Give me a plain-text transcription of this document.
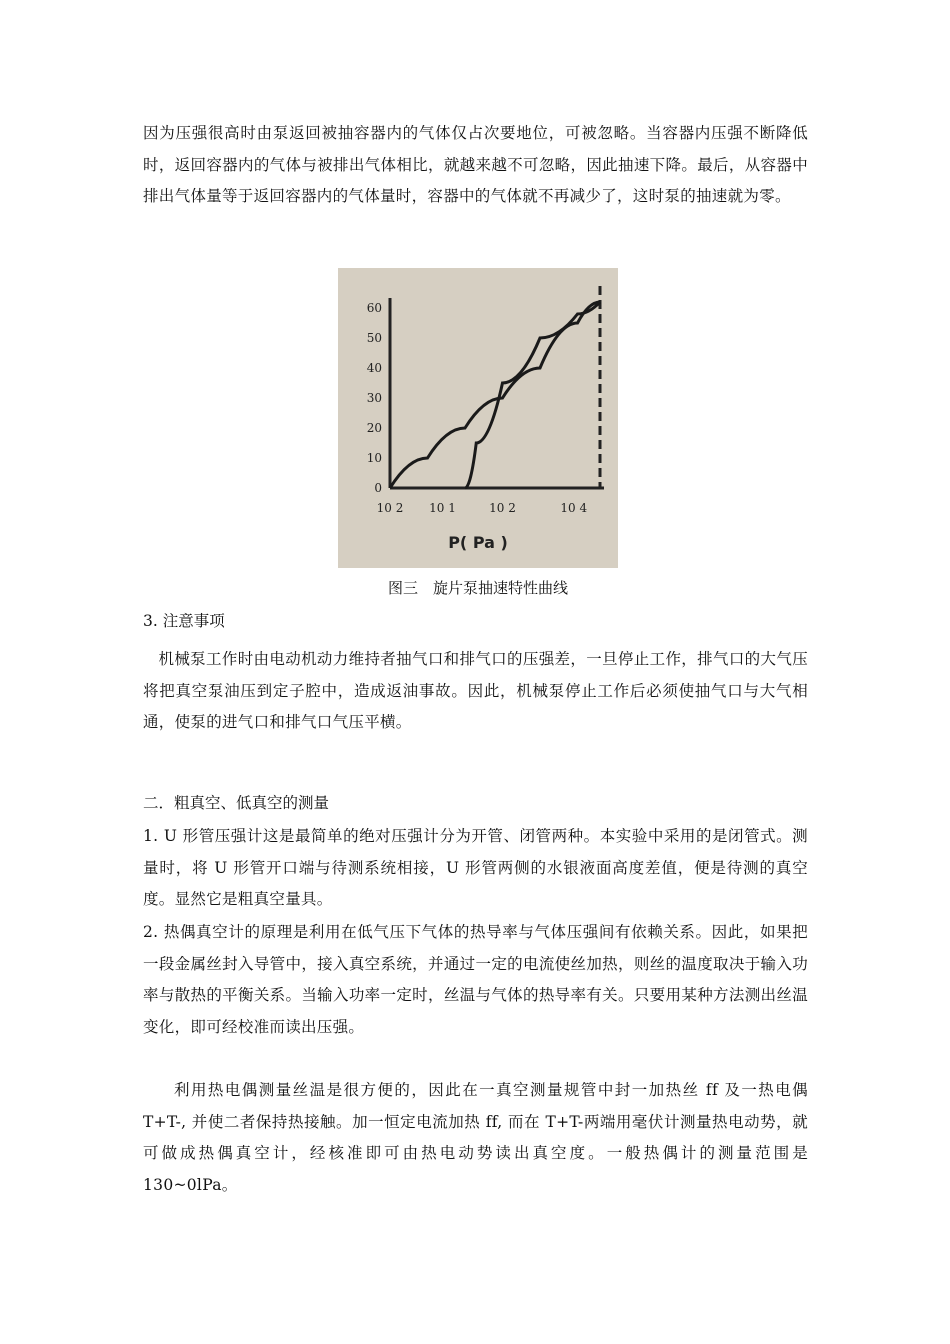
因为压强很高时由泵返回被抽容器内的气体仅占次要地位，可被忽略。当容器内压强不断降低时，返回容器内的气体与被排出气体相比，就越来越不可忽略，因此抽速下降。最后，从容器中排出气体量等于返回容器内的气体量时，容器中的气体就不再减少了，这时泵的抽速就为零。
60
50
40
30
20
10
0
10 2 10 1	10 2	10 4
P( Pa )
图三　旋片泵抽速特性曲线
3. 注意事项
机械泵工作时由电动机动力维持者抽气口和排气口的压强差，一旦停止工作，排气口的大气压将把真空泵油压到定子腔中，造成返油事故。因此，机械泵停止工作后必须使抽气口与大气相通，使泵的进气口和排气口气压平横。
二．粗真空、低真空的测量
1. U 形管压强计这是最简单的绝对压强计分为开管、闭管两种。本实验中采用的是闭管式。测量时，将 U 形管开口端与待测系统相接，U 形管两侧的水银液面高度差值，便是待测的真空度。显然它是粗真空量具。
2. 热偶真空计的原理是利用在低气压下气体的热导率与气体压强间有依赖关系。因此，如果把一段金属丝封入导管中，接入真空系统，并通过一定的电流使丝加热，则丝的温度取决于输入功率与散热的平衡关系。当输入功率一定时，丝温与气体的热导率有关。只要用某种方法测出丝温变化，即可经校准而读出压强。
利用热电偶测量丝温是很方便的，因此在一真空测量规管中封一加热丝 ff 及一热电偶 T+T-, 并使二者保持热接触。加一恒定电流加热 ff, 而在 T+T-两端用毫伏计测量热电动势，就可做成热偶真空计，经核准即可由热电动势读出真空度。一般热偶计的测量范围是 130~0lPa。
